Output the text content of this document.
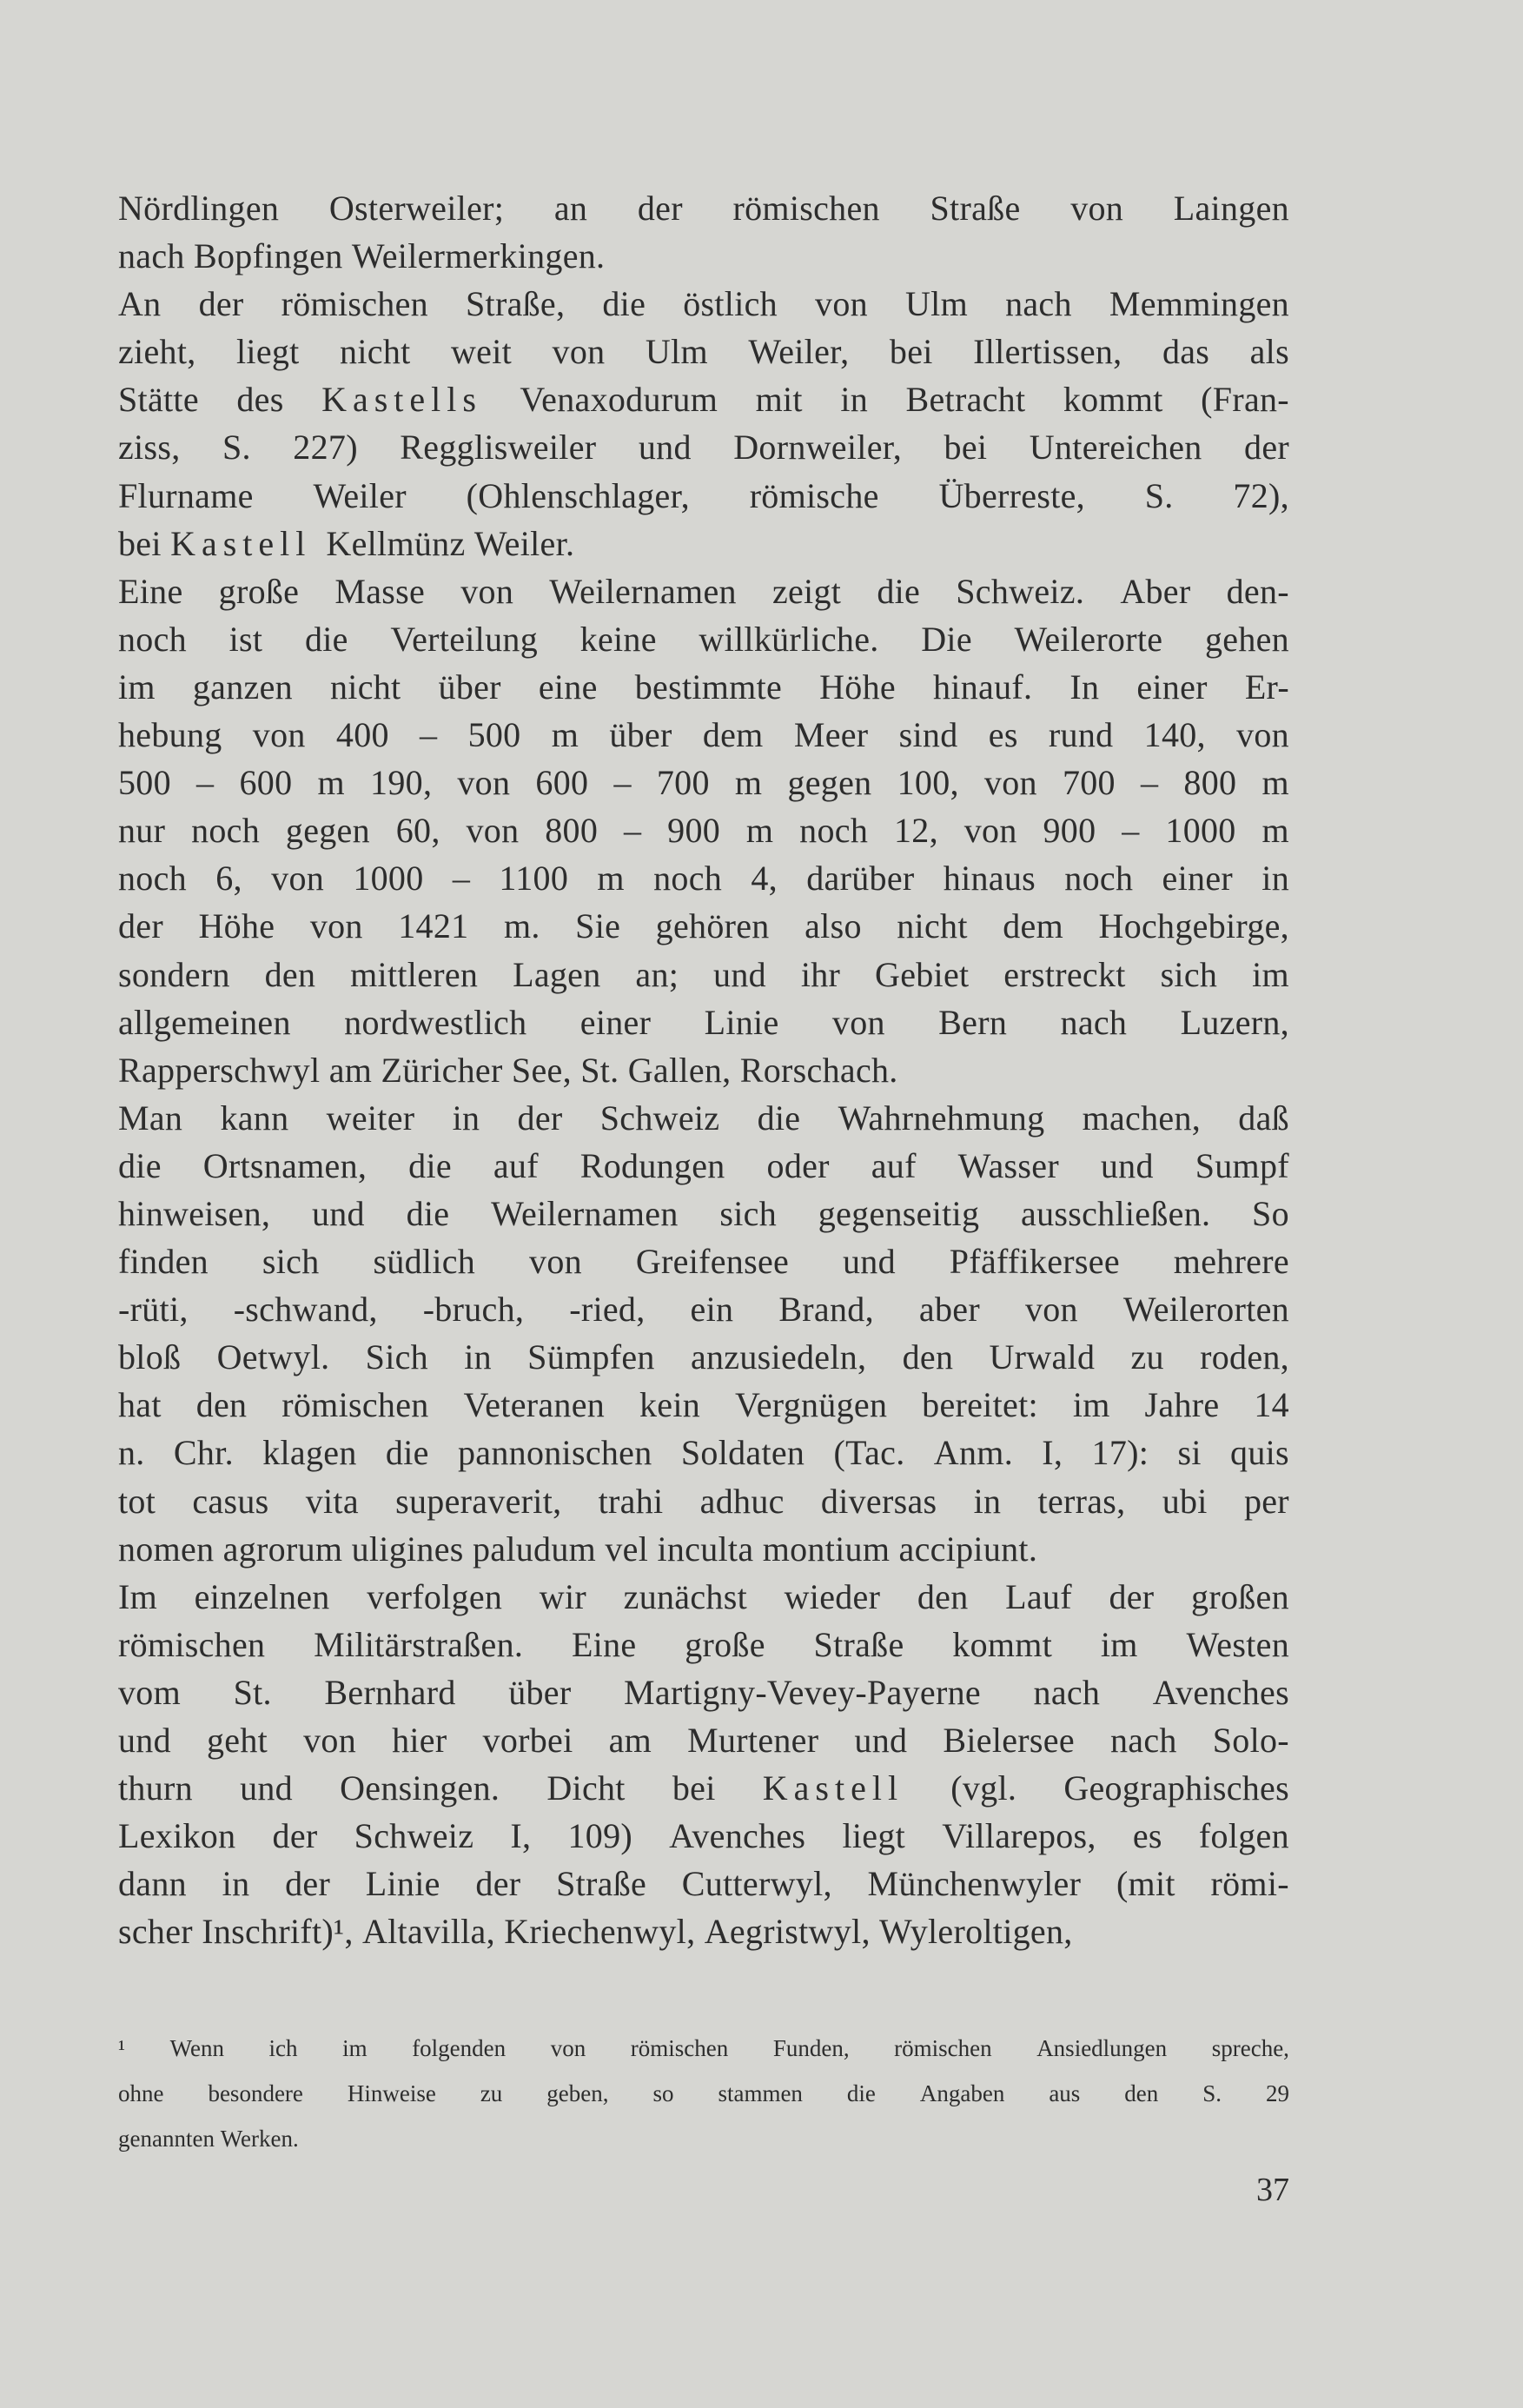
Nördlingen Osterweiler; an der römischen Straße von Laingen
nach Bopfingen Weilermerkingen.
An der römischen Straße, die östlich von Ulm nach Memmingen
zieht, liegt nicht weit von Ulm Weiler, bei Illertissen, das als
Stätte des Kastells Venaxodurum mit in Betracht kommt (Fran-
ziss, S. 227) Regglisweiler und Dornweiler, bei Untereichen der
Flurname Weiler (Ohlenschlager, römische Überreste, S. 72),
bei Kastell Kellmünz Weiler.
Eine große Masse von Weilernamen zeigt die Schweiz. Aber den-
noch ist die Verteilung keine willkürliche. Die Weilerorte gehen
im ganzen nicht über eine bestimmte Höhe hinauf. In einer Er-
hebung von 400 – 500 m über dem Meer sind es rund 140, von
500 – 600 m 190, von 600 – 700 m gegen 100, von 700 – 800 m
nur noch gegen 60, von 800 – 900 m noch 12, von 900 – 1000 m
noch 6, von 1000 – 1100 m noch 4, darüber hinaus noch einer in
der Höhe von 1421 m. Sie gehören also nicht dem Hochgebirge,
sondern den mittleren Lagen an; und ihr Gebiet erstreckt sich im
allgemeinen nordwestlich einer Linie von Bern nach Luzern,
Rapperschwyl am Züricher See, St. Gallen, Rorschach.
Man kann weiter in der Schweiz die Wahrnehmung machen, daß
die Ortsnamen, die auf Rodungen oder auf Wasser und Sumpf
hinweisen, und die Weilernamen sich gegenseitig ausschließen. So
finden sich südlich von Greifensee und Pfäffikersee mehrere
-rüti, -schwand, -bruch, -ried, ein Brand, aber von Weilerorten
bloß Oetwyl. Sich in Sümpfen anzusiedeln, den Urwald zu roden,
hat den römischen Veteranen kein Vergnügen bereitet: im Jahre 14
n. Chr. klagen die pannonischen Soldaten (Tac. Anm. I, 17): si quis
tot casus vita superaverit, trahi adhuc diversas in terras, ubi per
nomen agrorum uligines paludum vel inculta montium accipiunt.
Im einzelnen verfolgen wir zunächst wieder den Lauf der großen
römischen Militärstraßen. Eine große Straße kommt im Westen
vom St. Bernhard über Martigny-Vevey-Payerne nach Avenches
und geht von hier vorbei am Murtener und Bielersee nach Solo-
thurn und Oensingen. Dicht bei Kastell (vgl. Geographisches
Lexikon der Schweiz I, 109) Avenches liegt Villarepos, es folgen
dann in der Linie der Straße Cutterwyl, Münchenwyler (mit römi-
scher Inschrift)¹, Altavilla, Kriechenwyl, Aegristwyl, Wyleroltigen,
¹ Wenn ich im folgenden von römischen Funden, römischen Ansiedlungen spreche,
ohne besondere Hinweise zu geben, so stammen die Angaben aus den S. 29
genannten Werken.
37
